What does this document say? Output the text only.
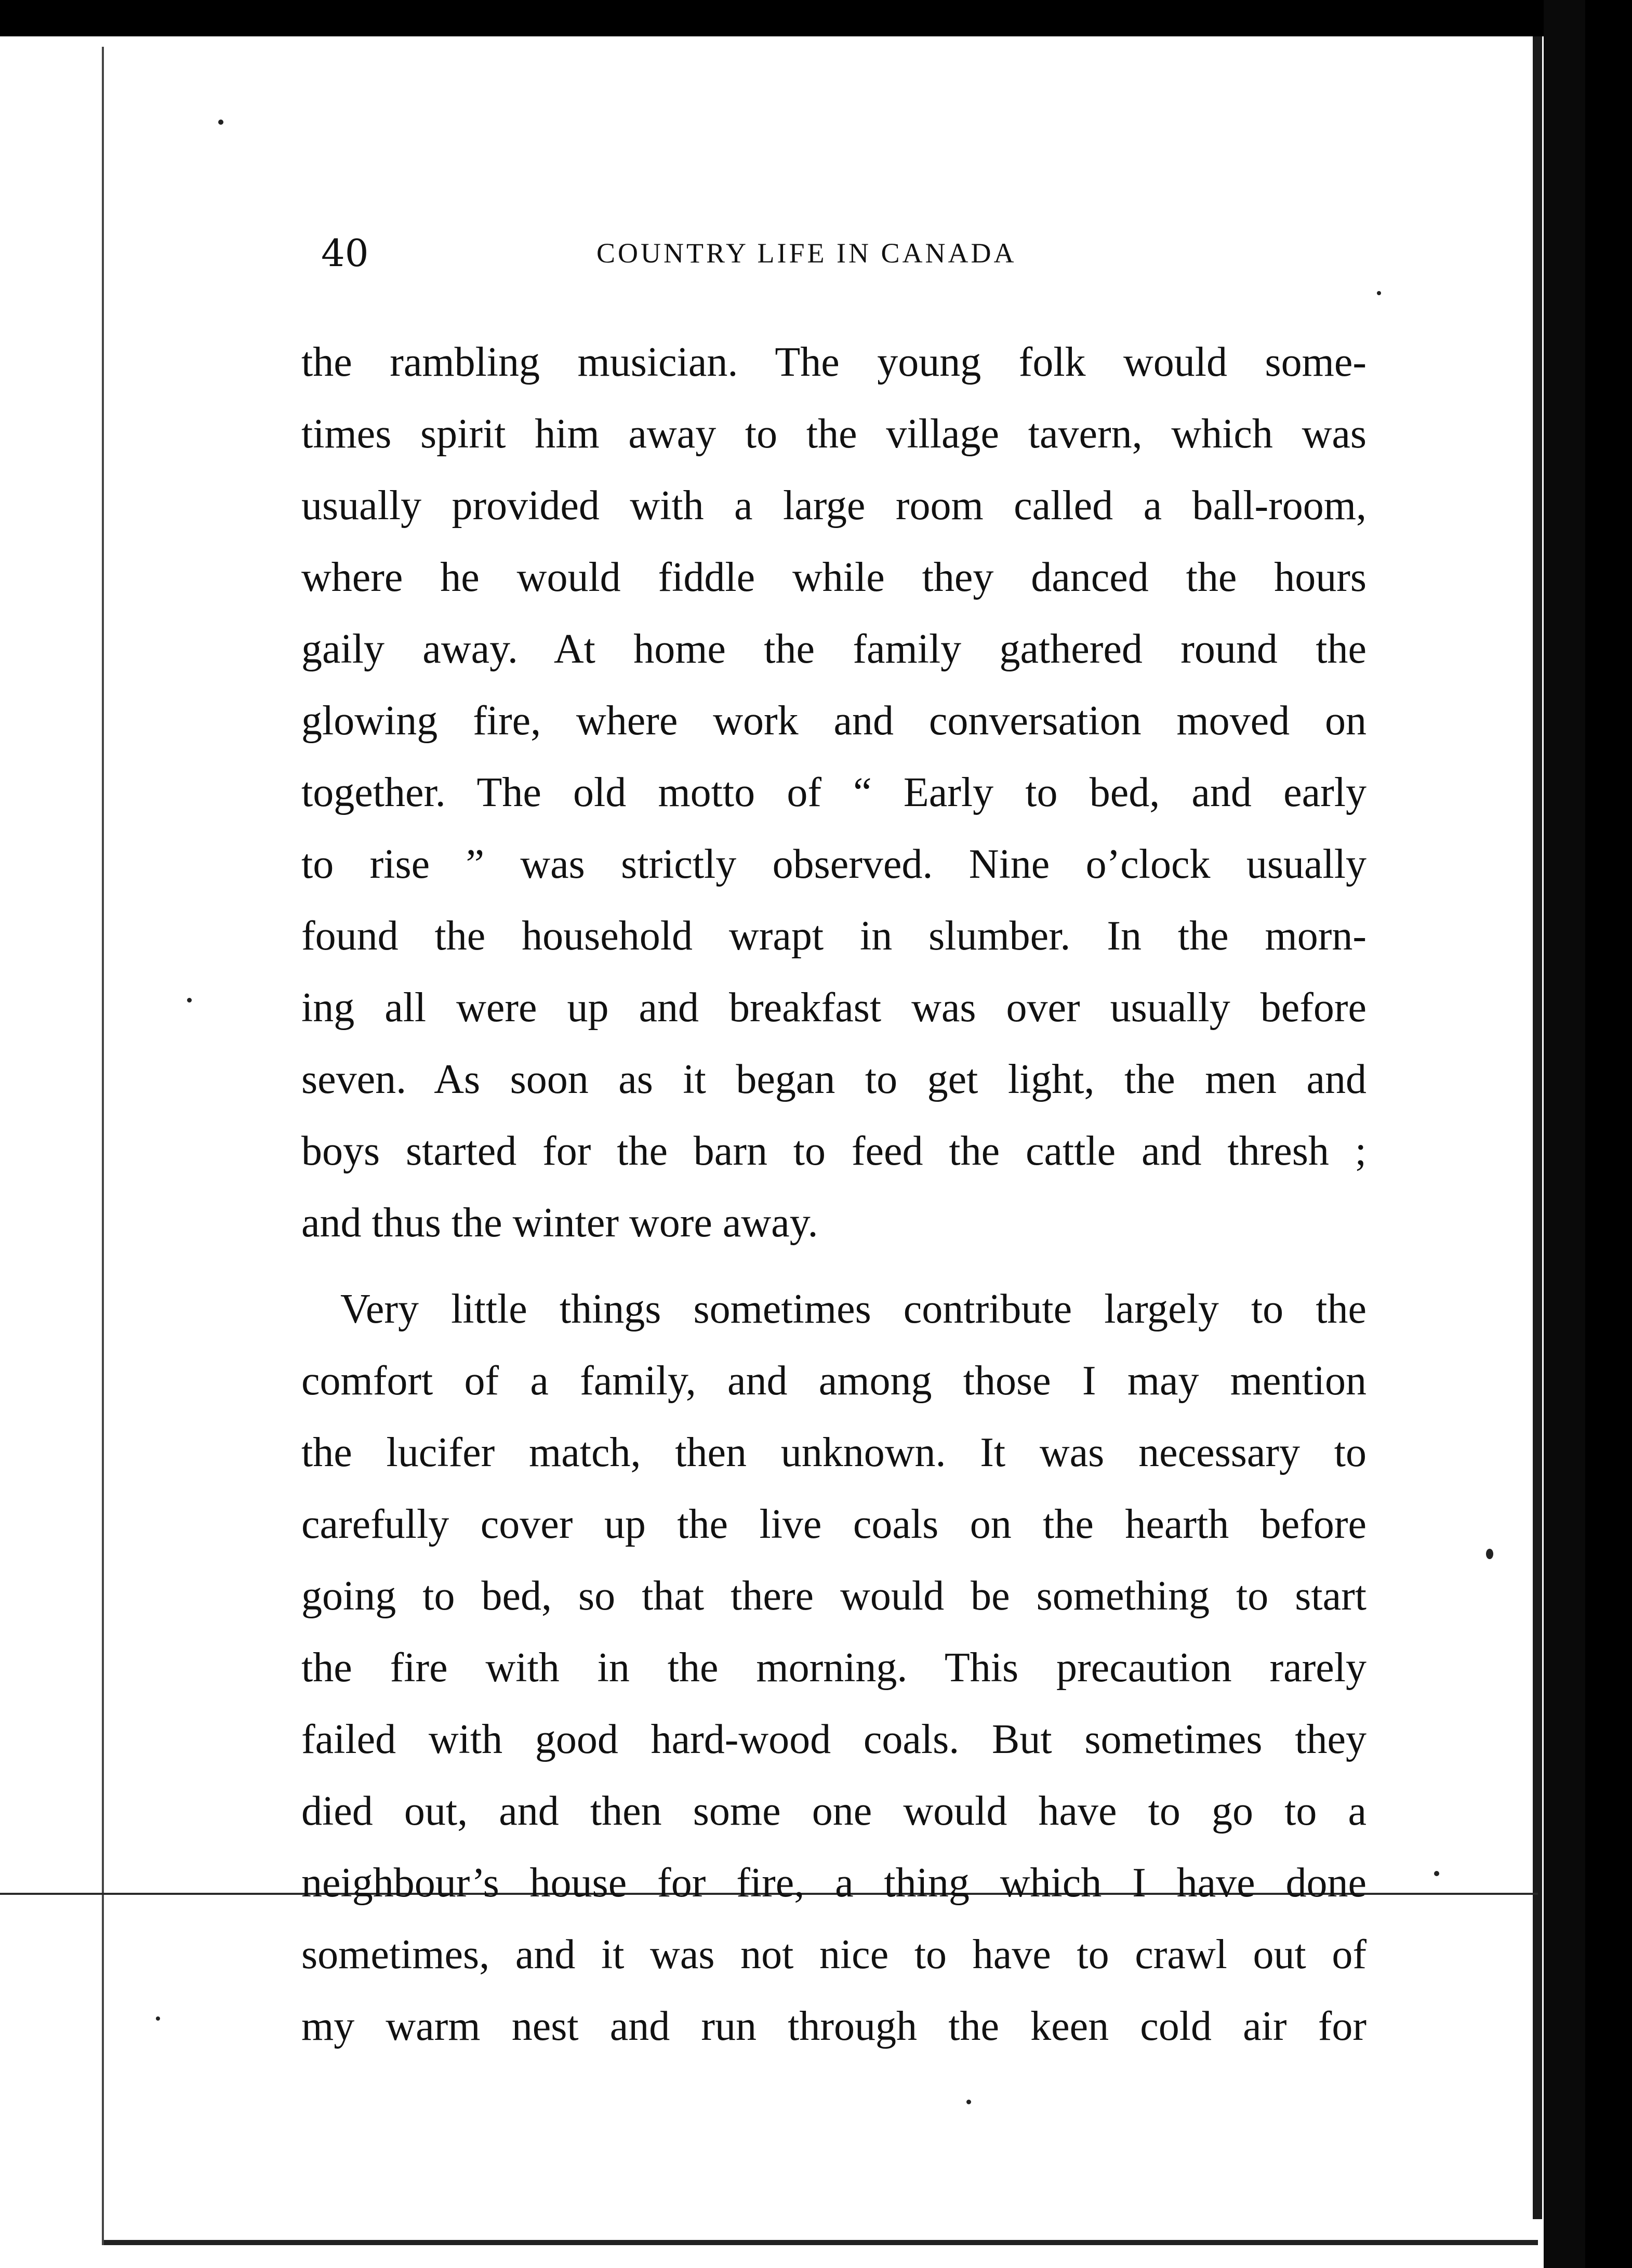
40	COUNTRY LIFE IN CANADA
the rambling musician. The young folk would some-
times spirit him away to the village tavern, which was
usually provided with a large room called a ball-room,
where he would fiddle while they danced the hours
gaily away. At home the family gathered round the
glowing fire, where work and conversation moved on
together. The old motto of “ Early to bed, and early
to rise ” was strictly observed. Nine o’clock usually
found the household wrapt in slumber. In the morn-
ing all were up and breakfast was over usually before
seven. As soon as it began to get light, the men and
boys started for the barn to feed the cattle and thresh ;
and thus the winter wore away.
Very little things sometimes contribute largely to the
comfort of a family, and among those I may mention
the lucifer match, then unknown. It was necessary to
carefully cover up the live coals on the hearth before
going to bed, so that there would be something to start
the fire with in the morning. This precaution rarely
failed with good hard-wood coals. But sometimes they
died out, and then some one would have to go to a
neighbour’s house for fire, a thing which I have done
sometimes, and it was not nice to have to crawl out of
my warm nest and run through the keen cold air for
